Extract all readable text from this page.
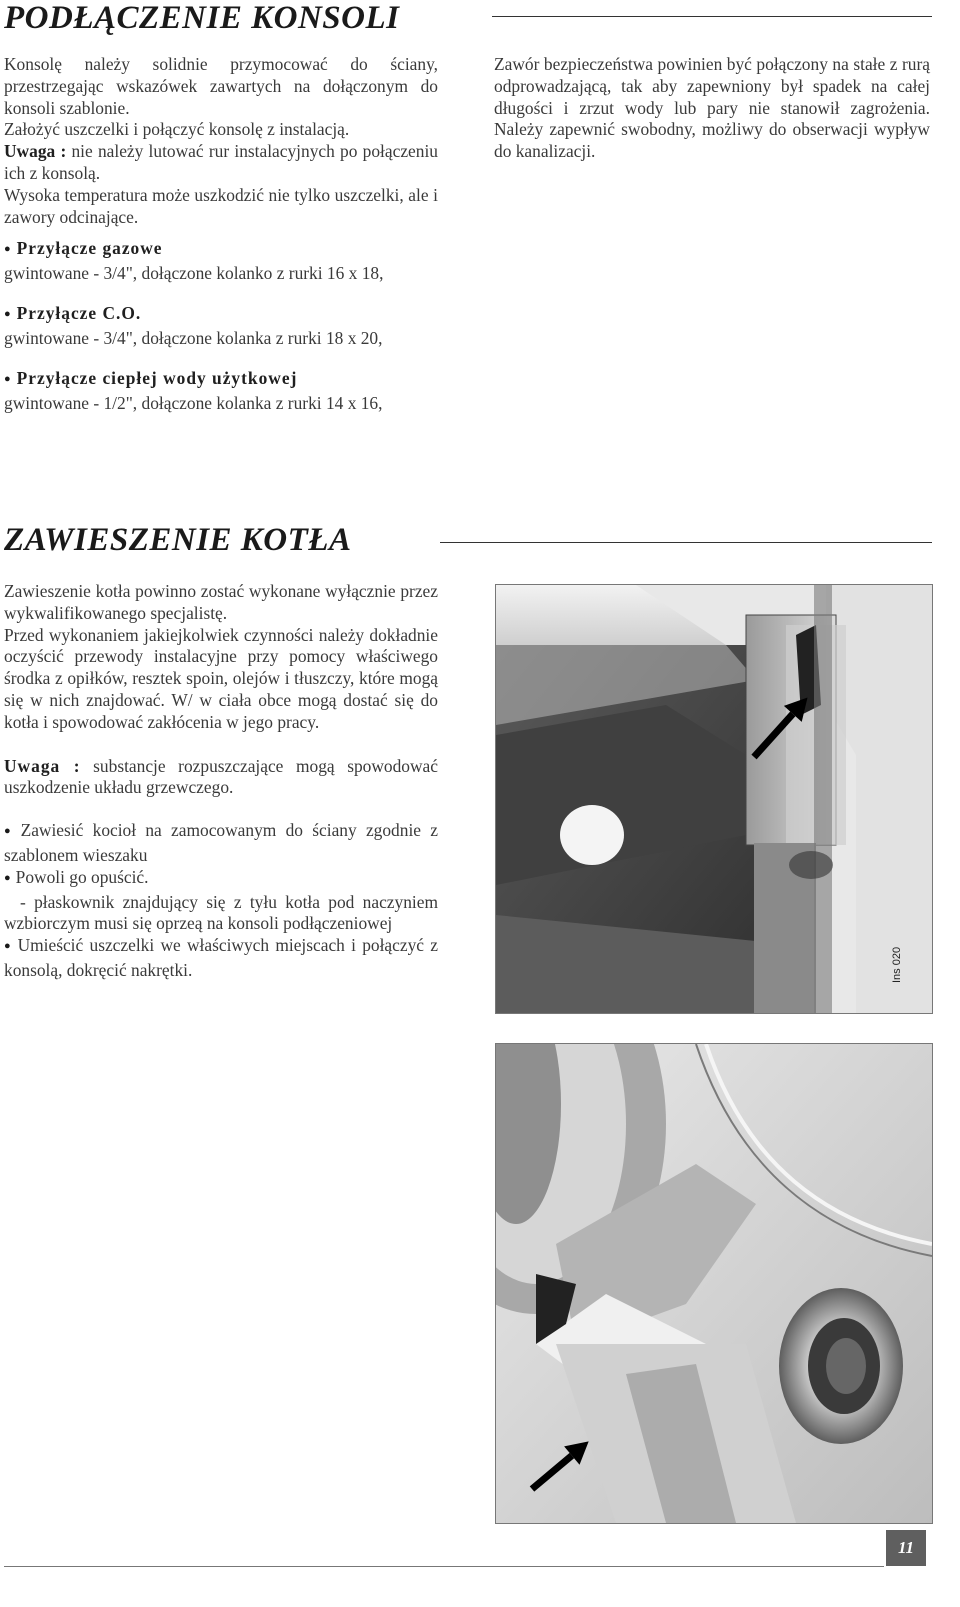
PODŁĄCZENIE KONSOLI

Konsolę należy solidnie przymocować do ściany, przestrzegając wskazówek zawartych na dołączonym do konsoli szablonie.

Założyć uszczelki i połączyć konsolę z instalacją.

Uwaga : nie należy lutować rur instalacyjnych po połączeniu ich z konsolą.

Wysoka temperatura może uszkodzić nie tylko uszczelki, ale i zawory odcinające.

Zawór bezpieczeństwa powinien być połączony na stałe z rurą odprowadzającą, tak aby zapewniony był spadek na całej długości i zrzut wody lub pary nie stanowił zagrożenia. Należy zapewnić swobodny, możliwy do obserwacji wypływ do kanalizacji.
● Przyłącze gazowe
gwintowane - 3/4", dołączone kolanko z rurki 16 x 18,
● Przyłącze C.O.
gwintowane - 3/4", dołączone kolanka z rurki 18 x 20,
● Przyłącze ciepłej wody użytkowej
gwintowane - 1/2", dołączone kolanka z rurki 14 x 16,
ZAWIESZENIE KOTŁA

Zawieszenie kotła powinno zostać wykonane wyłącznie przez wykwalifikowanego specjalistę.

Przed wykonaniem jakiejkolwiek czynności należy dokładnie oczyścić przewody instalacyjne przy pomocy właściwego środka z opiłków, resztek spoin, olejów i tłuszczy, które mogą się w nich znajdować. W/ w ciała obce mogą dostać się do kotła i spowodować zakłócenia w jego pracy.

Uwaga : substancje rozpuszczające mogą spowodować uszkodzenie układu grzewczego.

● Zawiesić kocioł na zamocowanym do ściany zgodnie z szablonem wieszaku

● Powoli go opuścić.

- płaskownik znajdujący się z tyłu kotła pod naczyniem wzbiorczym musi się oprzeą na konsoli podłączeniowej

● Umieścić uszczelki we właściwych miejscach i połączyć z konsolą, dokręcić nakrętki.	Ins 020
11
